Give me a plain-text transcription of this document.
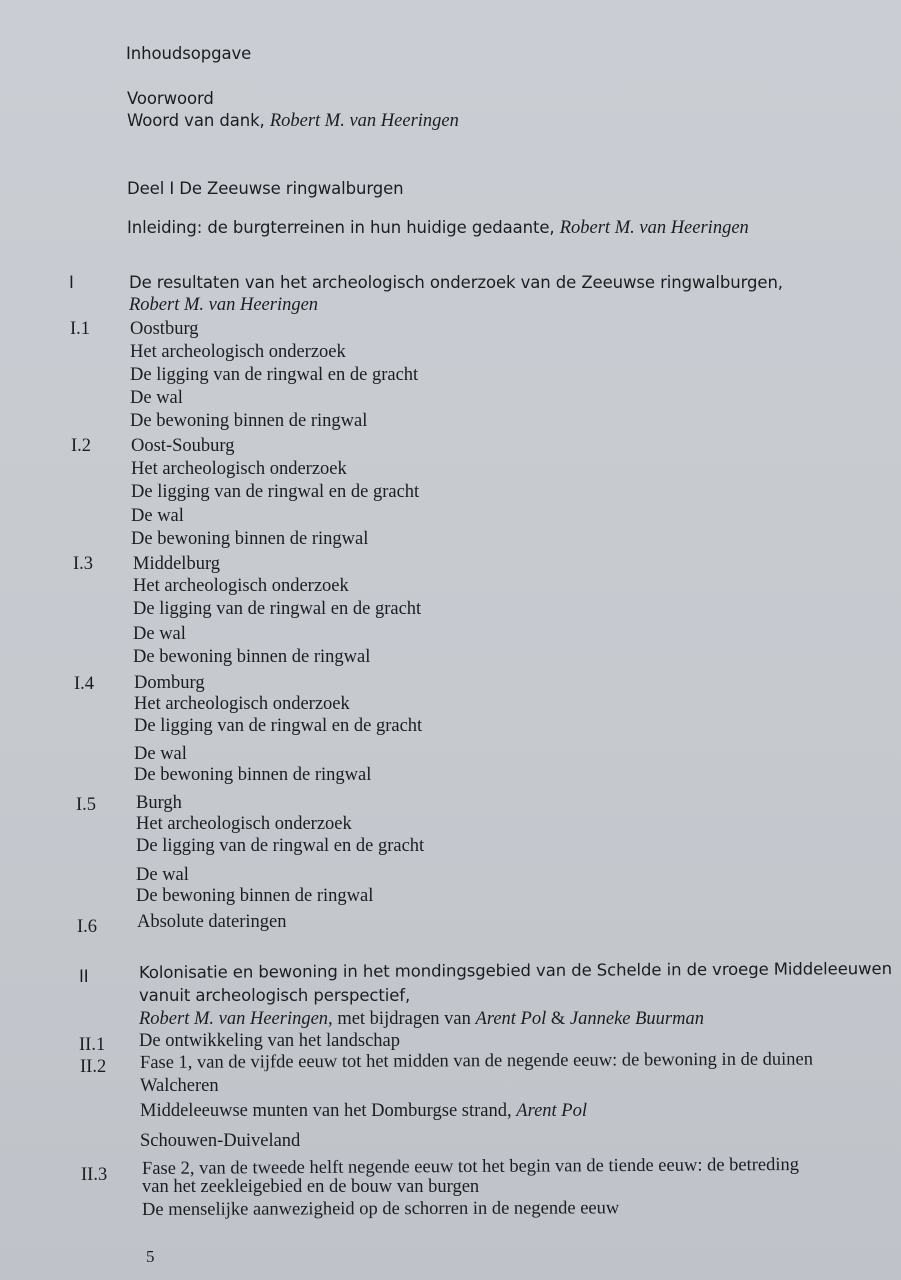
Inhoudsopgave
Voorwoord
Woord van dank, Robert M. van Heeringen
Deel I De Zeeuwse ringwalburgen
Inleiding: de burgterreinen in hun huidige gedaante, Robert M. van Heeringen
I	De resultaten van het archeologisch onderzoek van de Zeeuwse ringwalburgen,
Robert M. van Heeringen
I.1 Oostburg
Het archeologisch onderzoek
De ligging van de ringwal en de gracht
De wal
De bewoning binnen de ringwal
I.2 Oost-Souburg
Het archeologisch onderzoek
De ligging van de ringwal en de gracht
De wal
De bewoning binnen de ringwal
I.3 Middelburg
Het archeologisch onderzoek
De ligging van de ringwal en de gracht
De wal
De bewoning binnen de ringwal
I.4 Domburg
Het archeologisch onderzoek
De ligging van de ringwal en de gracht
De wal
De bewoning binnen de ringwal
I.5 Burgh
Het archeologisch onderzoek
De ligging van de ringwal en de gracht
De wal
De bewoning binnen de ringwal
I.6 Absolute dateringen
II	Kolonisatie en bewoning in het mondingsgebied van de Schelde in de vroege Middeleeuwen
vanuit archeologisch perspectief,
Robert M. van Heeringen, met bijdragen van Arent Pol & Janneke Buurman
II.1 De ontwikkeling van het landschap
II.2 Fase 1, van de vijfde eeuw tot het midden van de negende eeuw: de bewoning in de duinen
Walcheren
Middeleeuwse munten van het Domburgse strand, Arent Pol
Schouwen-Duiveland
II.3 Fase 2, van de tweede helft negende eeuw tot het begin van de tiende eeuw: de betreding
van het zeekleigebied en de bouw van burgen
De menselijke aanwezigheid op de schorren in de negende eeuw
5
